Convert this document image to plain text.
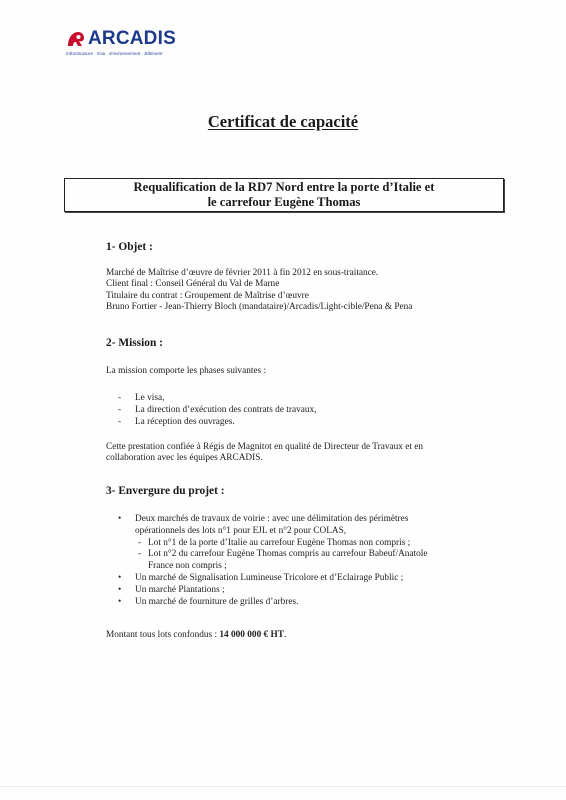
ARCADIS
Infrastructure · Eau · Environnement · Bâtiment
Certificat de capacité
Requalification de la RD7 Nord entre la porte d’Italie et
le carrefour Eugène Thomas
1- Objet :
Marché de Maîtrise d’œuvre de février 2011 à fin 2012 en sous-traitance.
Client final : Conseil Général du Val de Marne
Titulaire du contrat : Groupement de Maîtrise d’œuvre
Bruno Fortier - Jean-Thierry Bloch (mandataire)/Arcadis/Light-cible/Pena & Pena
2- Mission :
La mission comporte les phases suivantes :
- Le visa,
- La direction d’exécution des contrats de travaux,
- La réception des ouvrages.
Cette prestation confiée à Régis de Magnitot en qualité de Directeur de Travaux et en
collaboration avec les équipes ARCADIS.
3- Envergure du projet :
• Deux marchés de travaux de voirie : avec une délimitation des périmètres
opérationnels des lots n°1 pour EJL et n°2 pour COLAS,
- Lot n°1 de la porte d’Italie au carrefour Eugène Thomas non compris ;
- Lot n°2 du carrefour Eugène Thomas compris au carrefour Babeuf/Anatole
France non compris ;
• Un marché de Signalisation Lumineuse Tricolore et d’Eclairage Public ;
• Un marché Plantations ;
• Un marché de fourniture de grilles d’arbres.
Montant tous lots confondus : 14 000 000 € HT.
